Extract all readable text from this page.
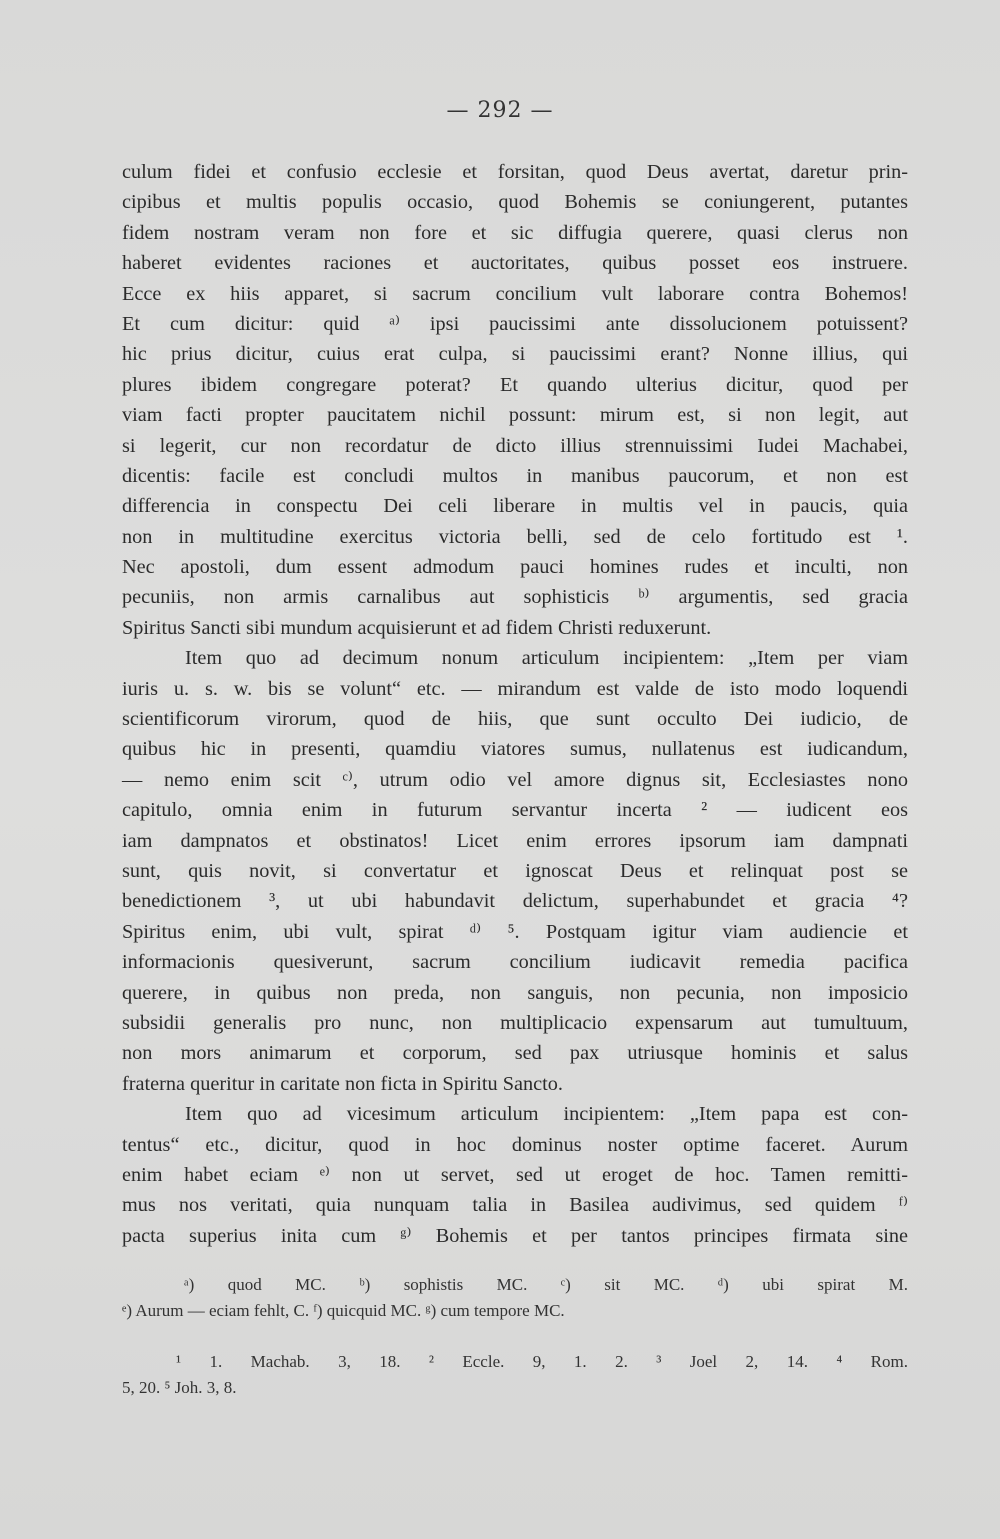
— 292 —
culum fidei et confusio ecclesie et forsitan, quod Deus avertat, daretur prin-
cipibus et multis populis occasio, quod Bohemis se coniungerent, putantes
fidem nostram veram non fore et sic diffugia querere, quasi clerus non
haberet evidentes raciones et auctoritates, quibus posset eos instruere.
Ecce ex hiis apparet, si sacrum concilium vult laborare contra Bohemos!
Et cum dicitur: quid ᵃ⁾ ipsi paucissimi ante dissolucionem potuissent?
hic prius dicitur, cuius erat culpa, si paucissimi erant? Nonne illius, qui
plures ibidem congregare poterat? Et quando ulterius dicitur, quod per
viam facti propter paucitatem nichil possunt: mirum est, si non legit, aut
si legerit, cur non recordatur de dicto illius strennuissimi Iudei Machabei,
dicentis: facile est concludi multos in manibus paucorum, et non est
differencia in conspectu Dei celi liberare in multis vel in paucis, quia
non in multitudine exercitus victoria belli, sed de celo fortitudo est ¹.
Nec apostoli, dum essent admodum pauci homines rudes et inculti, non
pecuniis, non armis carnalibus aut sophisticis ᵇ⁾ argumentis, sed gracia
Spiritus Sancti sibi mundum acquisierunt et ad fidem Christi reduxerunt.
Item quo ad decimum nonum articulum incipientem: „Item per viam
iuris u. s. w. bis se volunt“ etc. — mirandum est valde de isto modo loquendi
scientificorum virorum, quod de hiis, que sunt occulto Dei iudicio, de
quibus hic in presenti, quamdiu viatores sumus, nullatenus est iudicandum,
— nemo enim scit ᶜ⁾, utrum odio vel amore dignus sit, Ecclesiastes nono
capitulo, omnia enim in futurum servantur incerta ² — iudicent eos
iam dampnatos et obstinatos! Licet enim errores ipsorum iam dampnati
sunt, quis novit, si convertatur et ignoscat Deus et relinquat post se
benedictionem ³, ut ubi habundavit delictum, superhabundet et gracia ⁴?
Spiritus enim, ubi vult, spirat ᵈ⁾ ⁵. Postquam igitur viam audiencie et
informacionis quesiverunt, sacrum concilium iudicavit remedia pacifica
querere, in quibus non preda, non sanguis, non pecunia, non imposicio
subsidii generalis pro nunc, non multiplicacio expensarum aut tumultuum,
non mors animarum et corporum, sed pax utriusque hominis et salus
fraterna queritur in caritate non ficta in Spiritu Sancto.
Item quo ad vicesimum articulum incipientem: „Item papa est con-
tentus“ etc., dicitur, quod in hoc dominus noster optime faceret. Aurum
enim habet eciam ᵉ⁾ non ut servet, sed ut eroget de hoc. Tamen remitti-
mus nos veritati, quia nunquam talia in Basilea audivimus, sed quidem ᶠ⁾
pacta superius inita cum ᵍ⁾ Bohemis et per tantos principes firmata sine
ᵃ) quod MC. ᵇ) sophistis MC. ᶜ) sit MC. ᵈ) ubi spirat M.
ᵉ) Aurum — eciam fehlt, C. ᶠ) quicquid MC. ᵍ) cum tempore MC.
¹ 1. Machab. 3, 18. ² Eccle. 9, 1. 2. ³ Joel 2, 14. ⁴ Rom.
5, 20. ⁵ Joh. 3, 8.
